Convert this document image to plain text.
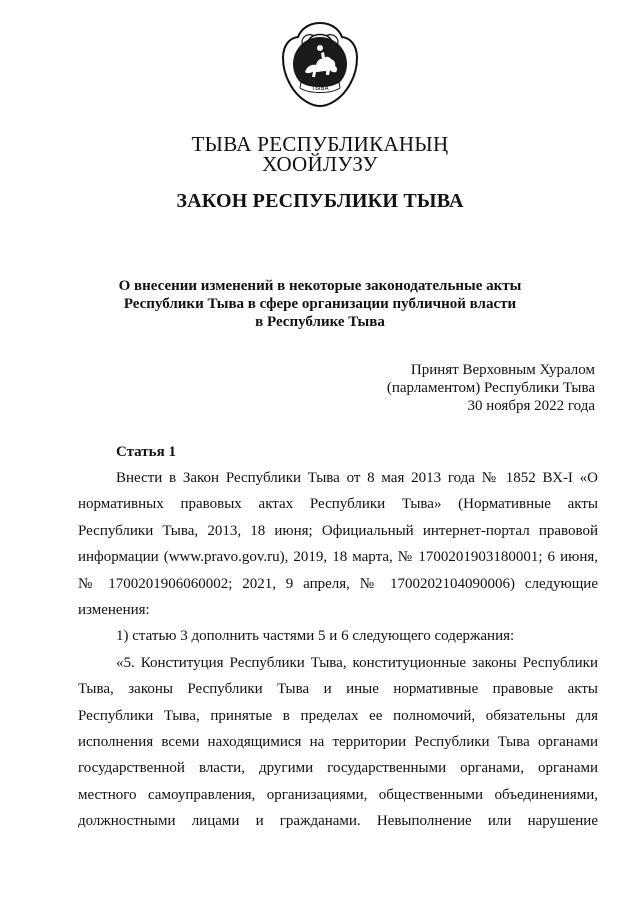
ТЫВА
ТЫВА РЕСПУБЛИКАНЫҢ
ХООЙЛУЗУ
ЗАКОН РЕСПУБЛИКИ ТЫВА
О внесении изменений в некоторые законодательные акты
Республики Тыва в сфере организации публичной власти
в Республике Тыва
Принят Верховным Хуралом
(парламентом) Республики Тыва
30 ноября 2022 года
Статья 1
Внести в Закон Республики Тыва от 8 мая 2013 года № 1852 ВХ-I «О
нормативных правовых актах Республики Тыва» (Нормативные акты
Республики Тыва, 2013, 18 июня; Официальный интернет-портал правовой
информации (www.pravo.gov.ru), 2019, 18 марта, № 1700201903180001; 6 июня,
№ 1700201906060002; 2021, 9 апреля, № 1700202104090006) следующие
изменения:
1) статью 3 дополнить частями 5 и 6 следующего содержания:
«5. Конституция Республики Тыва, конституционные законы Республики
Тыва, законы Республики Тыва и иные нормативные правовые акты
Республики Тыва, принятые в пределах ее полномочий, обязательны для
исполнения всеми находящимися на территории Республики Тыва органами
государственной власти, другими государственными органами, органами
местного самоуправления, организациями, общественными объединениями,
должностными лицами и гражданами. Невыполнение или нарушение
